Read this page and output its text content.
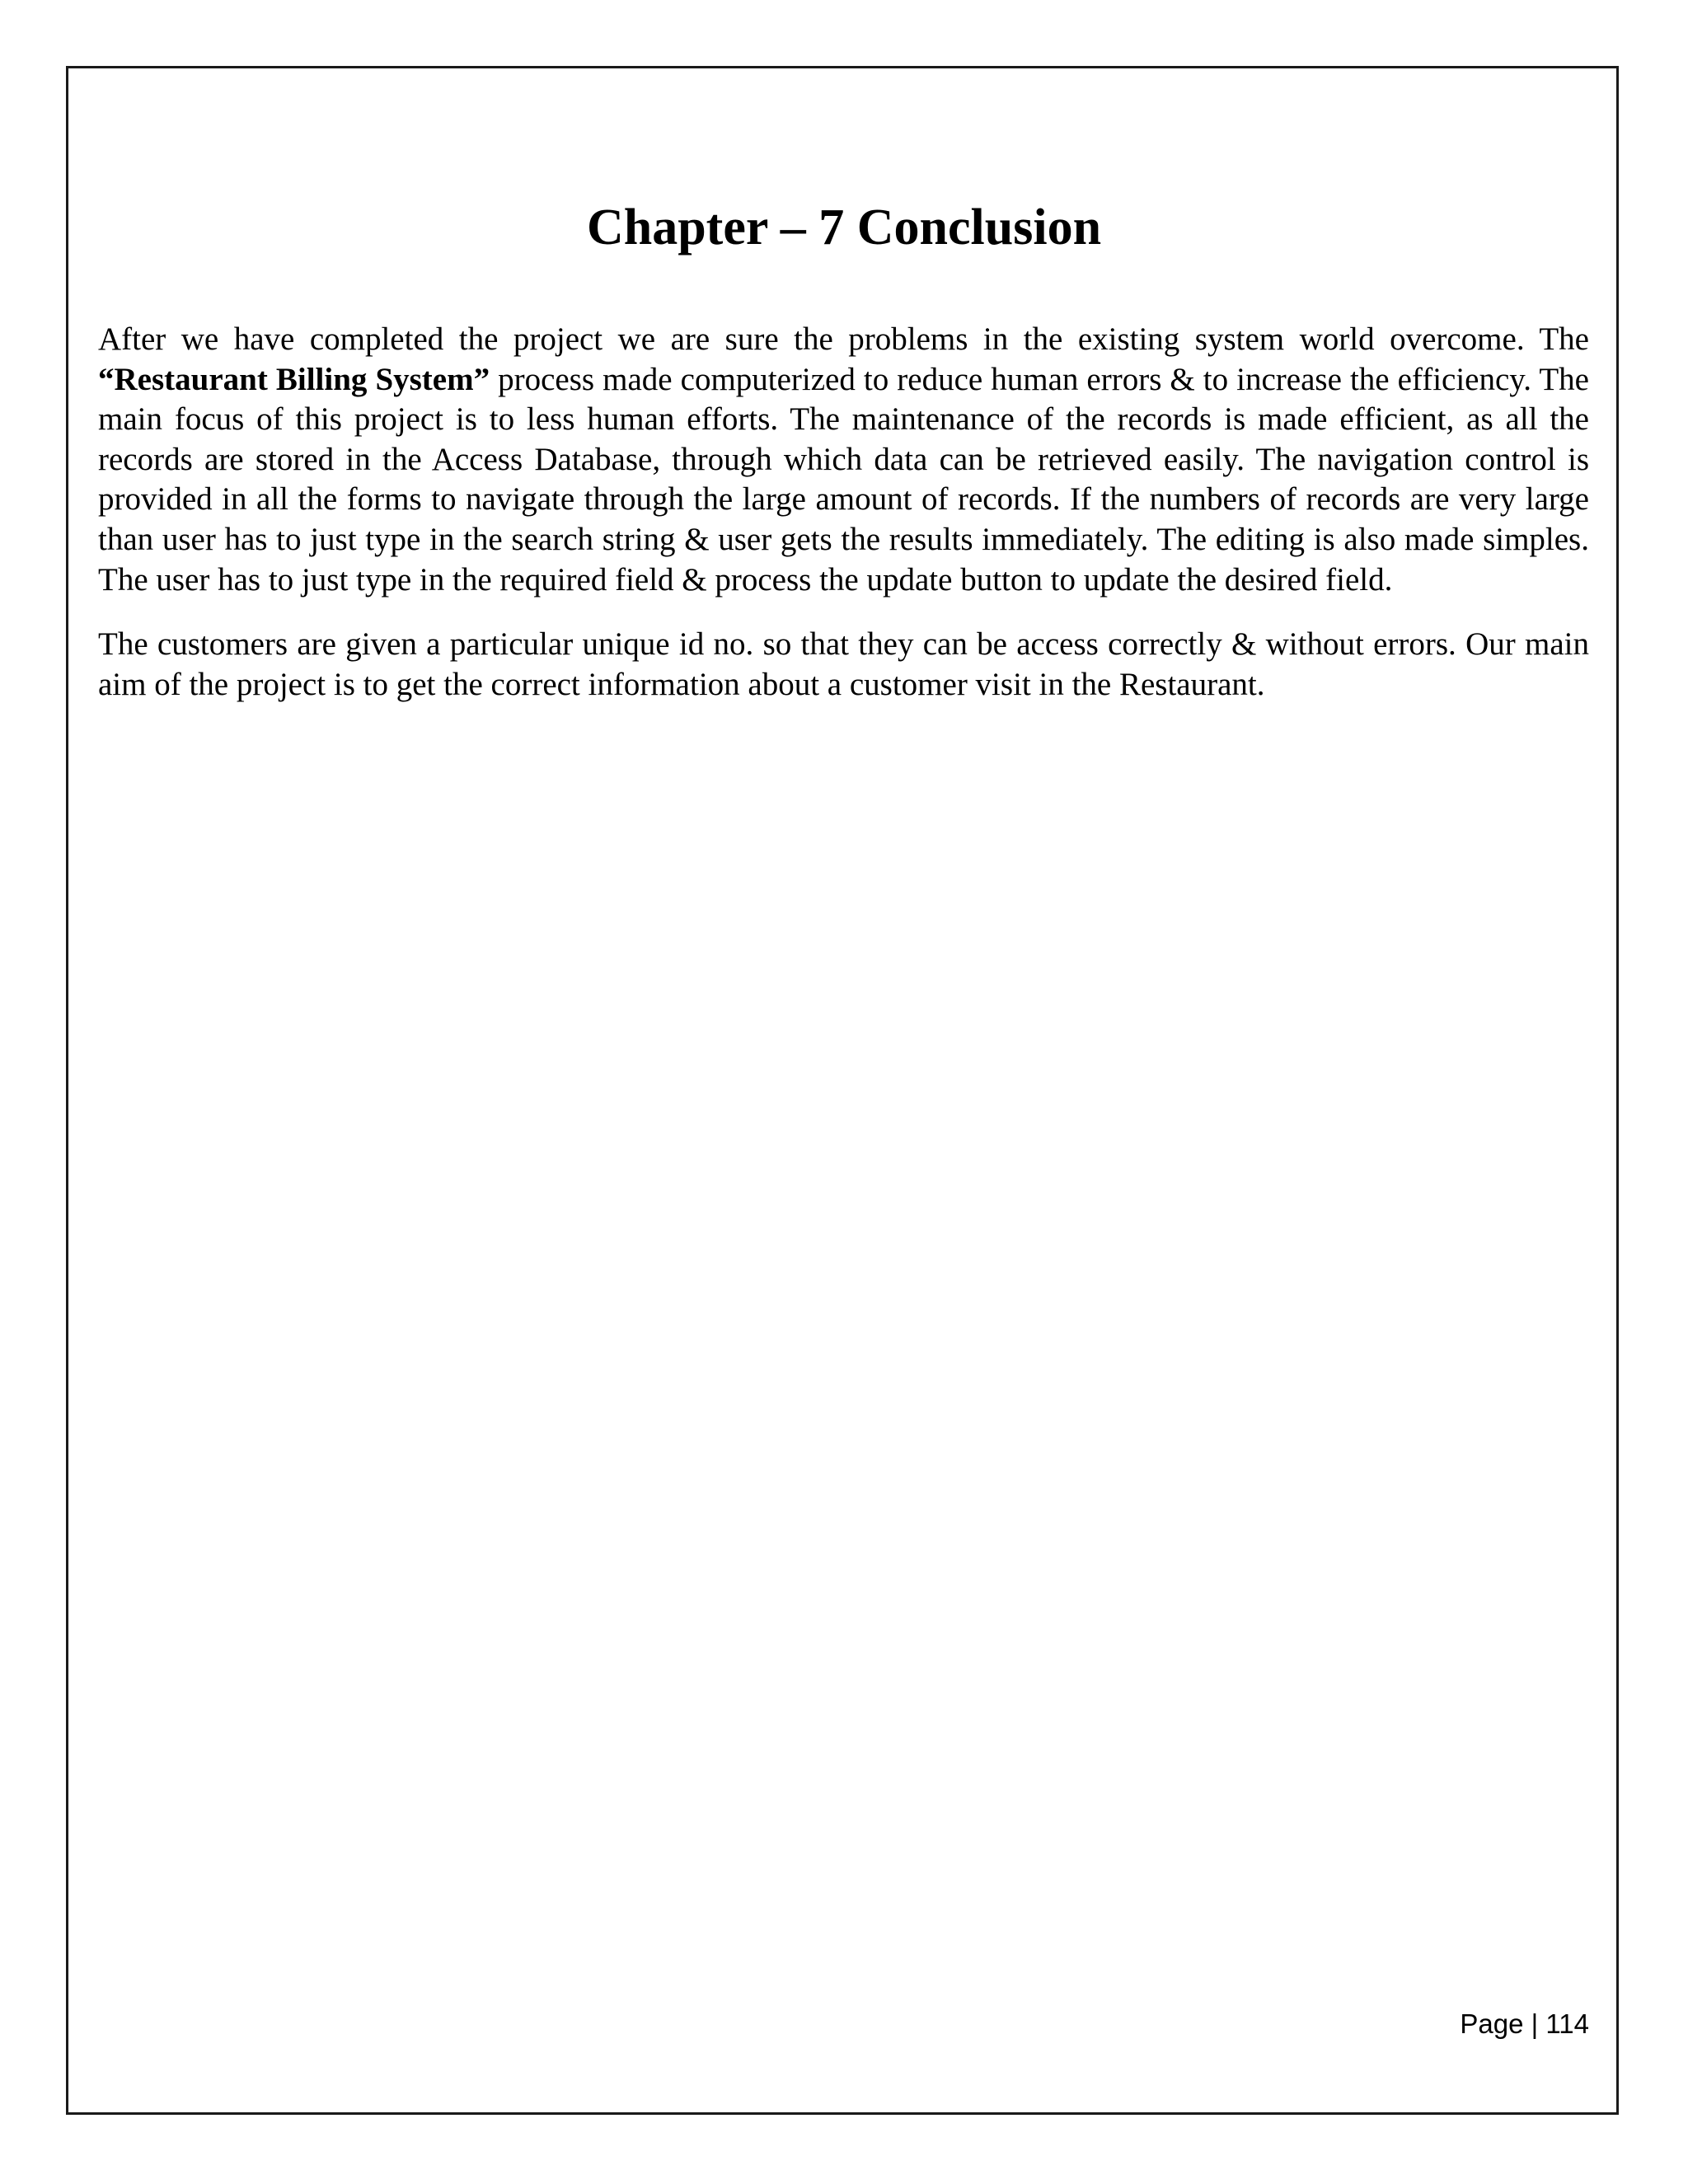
Chapter – 7 Conclusion

After we have completed the project we are sure the problems in the existing system world overcome. The “Restaurant Billing System” process made computerized to reduce human errors & to increase the efficiency. The main focus of this project is to less human efforts. The maintenance of the records is made efficient, as all the records are stored in the Access Database, through which data can be retrieved easily. The navigation control is provided in all the forms to navigate through the large amount of records. If the numbers of records are very large than user has to just type in the search string & user gets the results immediately. The editing is also made simples. The user has to just type in the required field & process the update button to update the desired field.

The customers are given a particular unique id no. so that they can be access correctly & without errors. Our main aim of the project is to get the correct information about a customer visit in the Restaurant.

Page | 114
